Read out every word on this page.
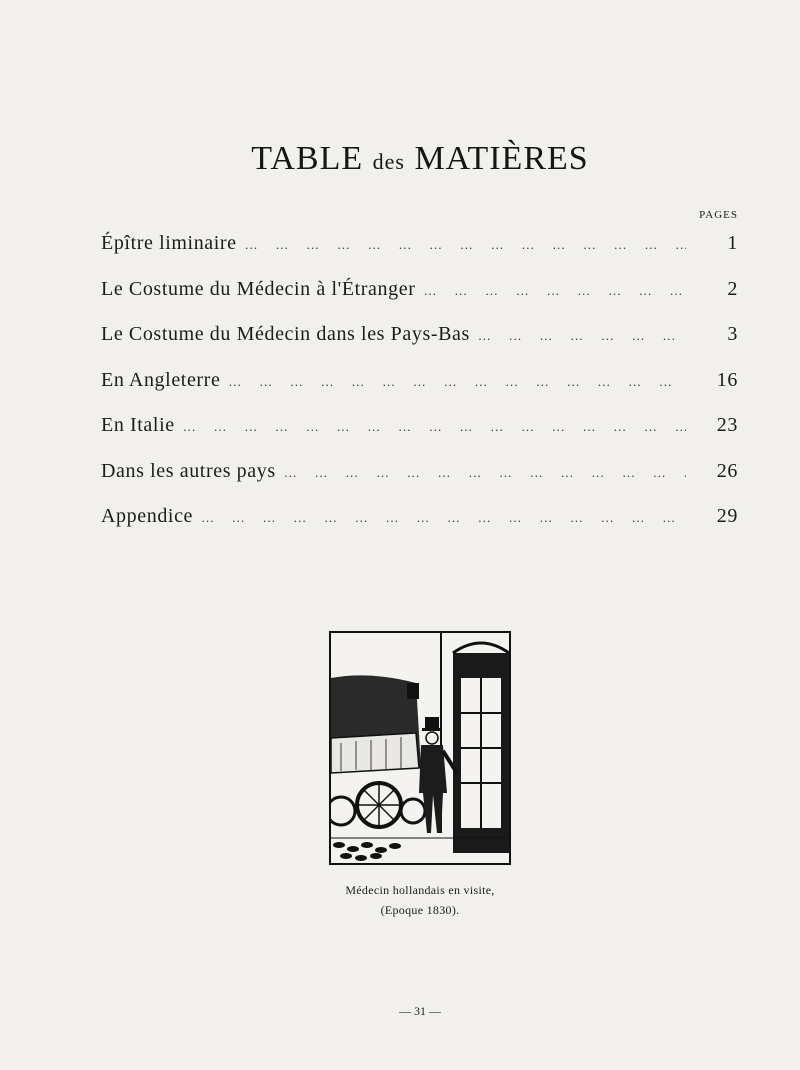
TABLE des MATIÈRES
PAGES
Épître liminaire … … … … … … … … … … … … … … … … … … … …	1
Le Costume du Médecin à l'Étranger … … … … … … … … … … … … … … … … … … … …	2
Le Costume du Médecin dans les Pays-Bas … … … … … … … … … … … … … … … … … … … …	3
En Angleterre … … … … … … … … … … … … … … … … … … … …	16
En Italie … … … … … … … … … … … … … … … … … … … …	23
Dans les autres pays … … … … … … … … … … … … … … … … … … … …	26
Appendice … … … … … … … … … … … … … … … … … … … …	29
Médecin hollandais en visite,
(Epoque 1830).
— 31 —
